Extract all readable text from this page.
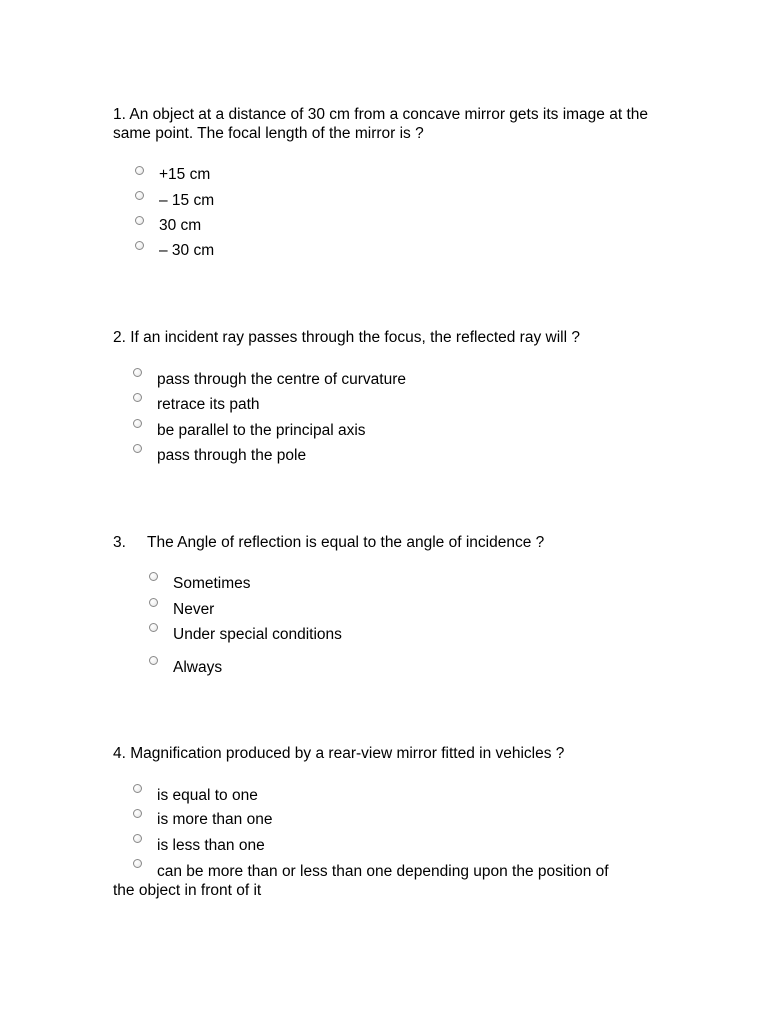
1. An object at a distance of 30 cm from a concave mirror gets its image at the same point. The focal length of the mirror is ?
+15 cm
– 15 cm
30 cm
– 30 cm
2. If an incident ray passes through the focus, the reflected ray will ?
pass through the centre of curvature
retrace its path
be parallel to the principal axis
pass through the pole
3. The Angle of reflection is equal to the angle of incidence ?
Sometimes
Never
Under special conditions
Always
4. Magnification produced by a rear-view mirror fitted in vehicles ?
is equal to one
is more than one
is less than one
can be more than or less than one depending upon the position of
the object in front of it
